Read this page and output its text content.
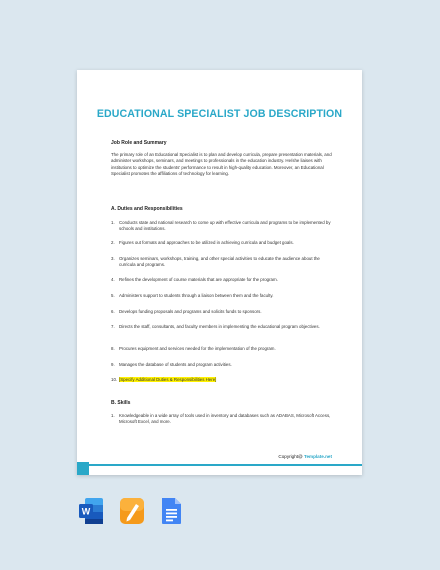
EDUCATIONAL SPECIALIST JOB DESCRIPTION
Job Role and Summary
The primary role of an Educational Specialist is to plan and develop curricula, prepare presentation materials, and administer workshops, seminars, and meetings to professionals in the education industry. He/she liaises with institutions to optimize the students' performance to result in high-quality education. Moreover, an Educational Specialist promotes the affiliations of technology for learning.
A. Duties and Responsibilities
1. Conducts state and national research to come up with effective curricula and programs to be implemented by schools and institutions.
2. Figures out formats and approaches to be utilized in achieving curricula and budget goals.
3. Organizes seminars, workshops, training, and other special activities to educate the audience about the curricula and programs.
4. Refines the development of course materials that are appropriate for the program.
5. Administers support to students through a liaison between them and the faculty.
6. Develops funding proposals and programs and solicits funds to sponsors.
7. Directs the staff, consultants, and faculty members in implementing the educational program objectives.
8. Procures equipment and services needed for the implementation of the program.
9. Manages the database of students and program activities.
10. [Specify Additional Duties & Responsibilities Here]
B. Skills
1. Knowledgeable in a wide array of tools used in inventory and databases such as ADABAS, Microsoft Access, Microsoft Excel, and more.
Copyright@ Template.net
W
